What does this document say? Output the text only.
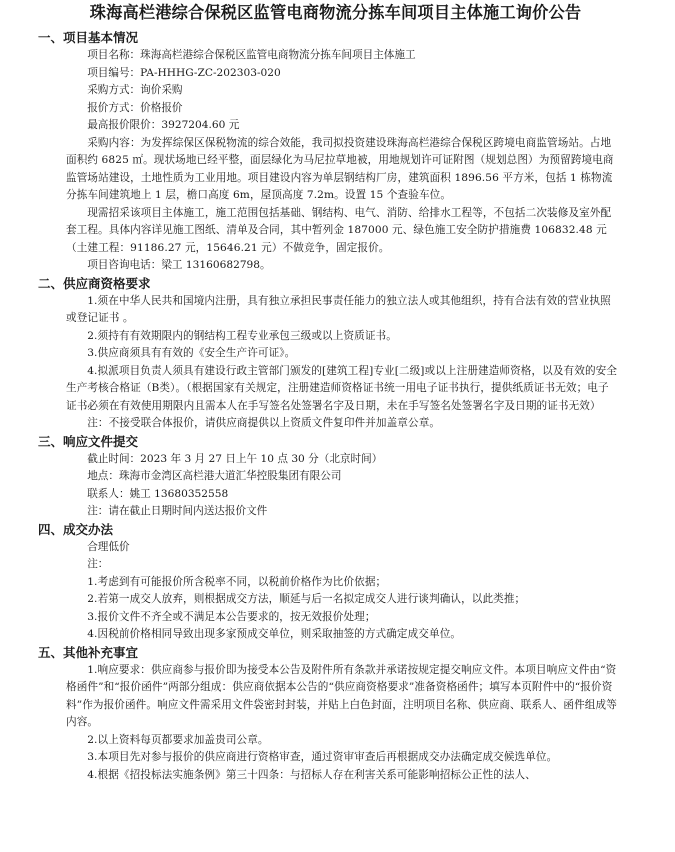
珠海高栏港综合保税区监管电商物流分拣车间项目主体施工询价公告
一、项目基本情况
项目名称：珠海高栏港综合保税区监管电商物流分拣车间项目主体施工
项目编号：PA-HHHG-ZC-202303-020
采购方式：询价采购
报价方式：价格报价
最高报价限价：3927204.60 元

采购内容：为发挥综保区保税物流的综合效能，我司拟投资建设珠海高栏港综合保税区跨境电商监管场站。占地面积约 6825 ㎡。现状场地已经平整，面层绿化为马尼拉草地被，用地规划许可证附图（规划总图）为预留跨境电商监管场站建设，土地性质为工业用地。项目建设内容为单层钢结构厂房，建筑面积 1896.56 平方米，包括 1 栋物流分拣车间建筑地上 1 层，檐口高度 6m，屋顶高度 7.2m。设置 15 个查验车位。

现需招采该项目主体施工，施工范围包括基础、钢结构、电气、消防、给排水工程等，不包括二次装修及室外配套工程。具体内容详见施工图纸、清单及合同，其中暂列金 187000 元、绿色施工安全防护措施费 106832.48 元（土建工程：91186.27 元，15646.21 元）不做竞争，固定报价。

项目咨询电话：梁工 13160682798。
二、供应商资格要求

1.须在中华人民共和国境内注册，具有独立承担民事责任能力的独立法人或其他组织，持有合法有效的营业执照或登记证书 。

2.须持有有效期限内的钢结构工程专业承包三级或以上资质证书。

3.供应商须具有有效的《安全生产许可证》。

4.拟派项目负责人须具有建设行政主管部门颁发的[建筑工程]专业[二级]或以上注册建造师资格，以及有效的安全生产考核合格证（B类）。（根据国家有关规定，注册建造师资格证书统一用电子证书执行，提供纸质证书无效；电子证书必须在有效使用期限内且需本人在手写签名处签署名字及日期，未在手写签名处签署名字及日期的证书无效）

注：不接受联合体报价，请供应商提供以上资质文件复印件并加盖章公章。

三、响应文件提交
截止时间：2023 年 3 月 27 日上午 10 点 30 分（北京时间）
地点：珠海市金湾区高栏港大道汇华控股集团有限公司
联系人：姚工 13680352558
注：请在截止日期时间内送达报价文件
四、成交办法
合理低价
注：

1.考虑到有可能报价所含税率不同，以税前价格作为比价依据；

2.若第一成交人放弃，则根据成交方法，顺延与后一名拟定成交人进行谈判确认，以此类推；

3.报价文件不齐全或不满足本公告要求的，按无效报价处理；

4.因税前价格相同导致出现多家预成交单位，则采取抽签的方式确定成交单位。

五、其他补充事宜

1.响应要求：供应商参与报价即为接受本公告及附件所有条款并承诺按规定提交响应文件。本项目响应文件由“资格函件”和“报价函件”两部分组成：供应商依据本公告的“供应商资格要求”准备资格函件；填写本页附件中的“报价资料”作为报价函件。响应文件需采用文件袋密封封装，并贴上白色封面，注明项目名称、供应商、联系人、函件组成等内容。

2.以上资料每页都要求加盖贵司公章。

3.本项目先对参与报价的供应商进行资格审查，通过资审审查后再根据成交办法确定成交候选单位。

4.根据《招投标法实施条例》第三十四条：与招标人存在利害关系可能影响招标公正性的法人、
